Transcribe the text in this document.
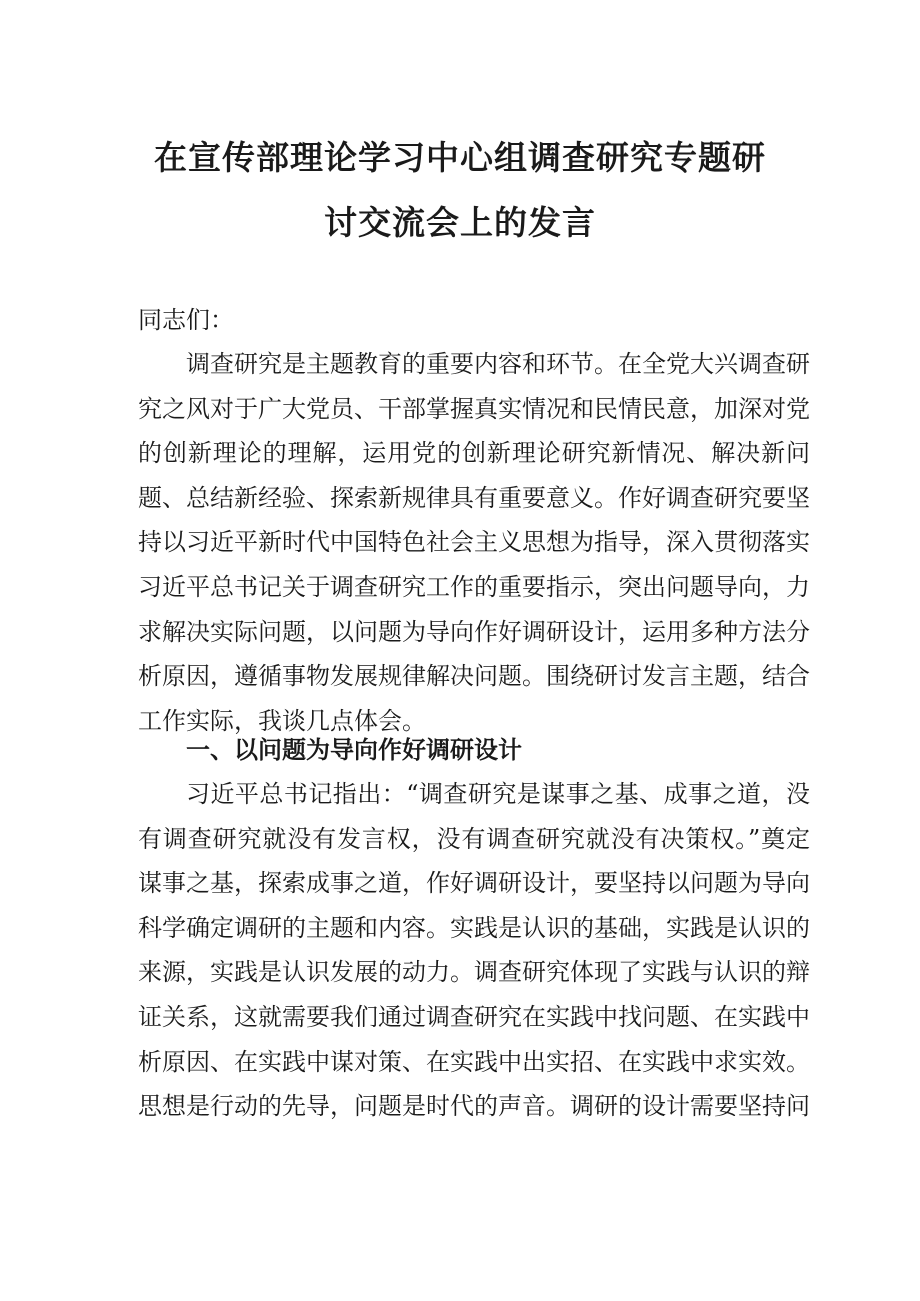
在宣传部理论学习中心组调查研究专题研
讨交流会上的发言

同志们：

调查研究是主题教育的重要内容和环节。在全党大兴调查研究之风对于广大党员、干部掌握真实情况和民情民意，加深对党的创新理论的理解，运用党的创新理论研究新情况、解决新问题、总结新经验、探索新规律具有重要意义。作好调查研究要坚持以习近平新时代中国特色社会主义思想为指导，深入贯彻落实习近平总书记关于调查研究工作的重要指示，突出问题导向，力求解决实际问题，以问题为导向作好调研设计，运用多种方法分析原因，遵循事物发展规律解决问题。围绕研讨发言主题，结合工作实际，我谈几点体会。

一、以问题为导向作好调研设计

习近平总书记指出：“调查研究是谋事之基、成事之道，没有调查研究就没有发言权，没有调查研究就没有决策权。”奠定谋事之基，探索成事之道，作好调研设计，要坚持以问题为导向科学确定调研的主题和内容。实践是认识的基础，实践是认识的来源，实践是认识发展的动力。调查研究体现了实践与认识的辩证关系，这就需要我们通过调查研究在实践中找问题、在实践中析原因、在实践中谋对策、在实践中出实招、在实践中求实效。思想是行动的先导，问题是时代的声音。调研的设计需要坚持问
